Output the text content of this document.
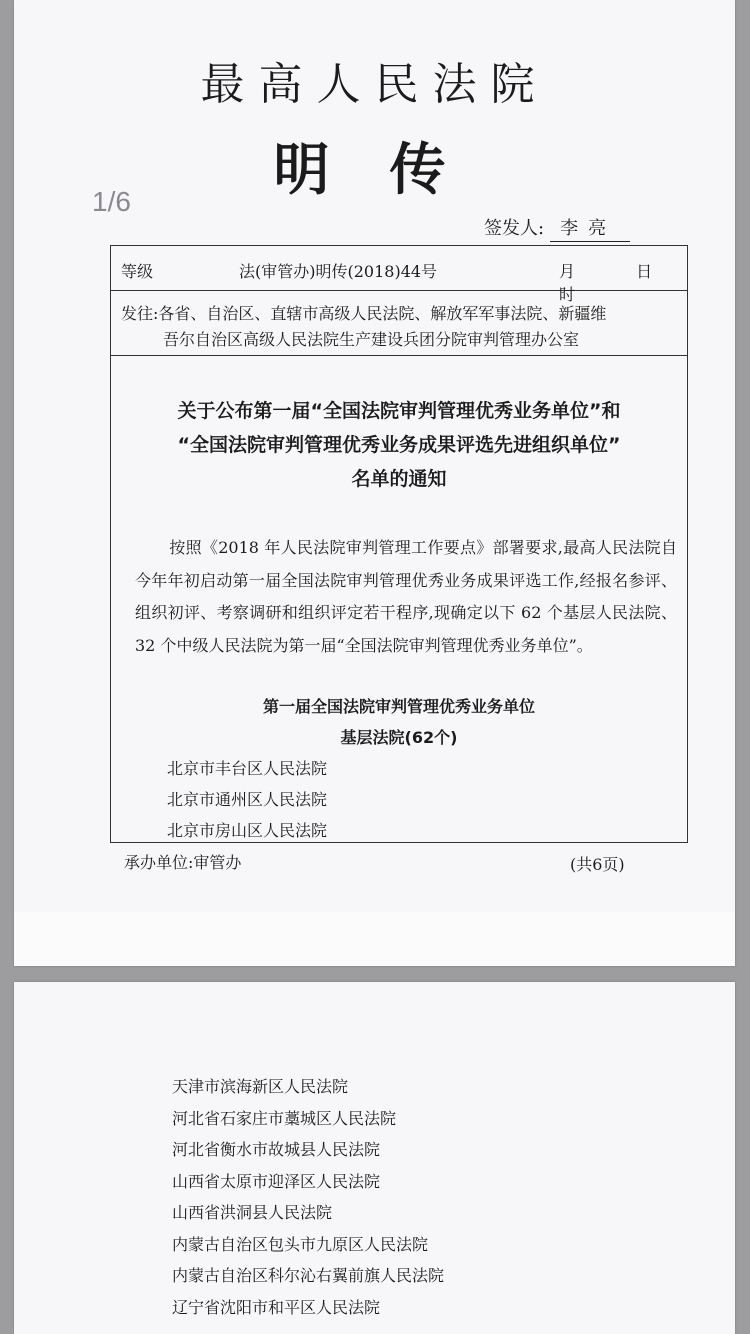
最高人民法院
明传
签发人: 李亮
等级	法(审管办)明传(2018)44号	月 日 时
发往:各省、自治区、直辖市高级人民法院、解放军军事法院、新疆维
吾尔自治区高级人民法院生产建设兵团分院审判管理办公室
关于公布第一届“全国法院审判管理优秀业务单位”和
“全国法院审判管理优秀业务成果评选先进组织单位”
名单的通知
按照《2018 年人民法院审判管理工作要点》部署要求,最高人民法院自今年年初启动第一届全国法院审判管理优秀业务成果评选工作,经报名参评、组织初评、考察调研和组织评定若干程序,现确定以下 62 个基层人民法院、32 个中级人民法院为第一届“全国法院审判管理优秀业务单位”。
第一届全国法院审判管理优秀业务单位
基层法院(62个)
北京市丰台区人民法院
北京市通州区人民法院
北京市房山区人民法院
承办单位:审管办	(共6页)
1/6
天津市滨海新区人民法院
河北省石家庄市藁城区人民法院
河北省衡水市故城县人民法院
山西省太原市迎泽区人民法院
山西省洪洞县人民法院
内蒙古自治区包头市九原区人民法院
内蒙古自治区科尔沁右翼前旗人民法院
辽宁省沈阳市和平区人民法院
